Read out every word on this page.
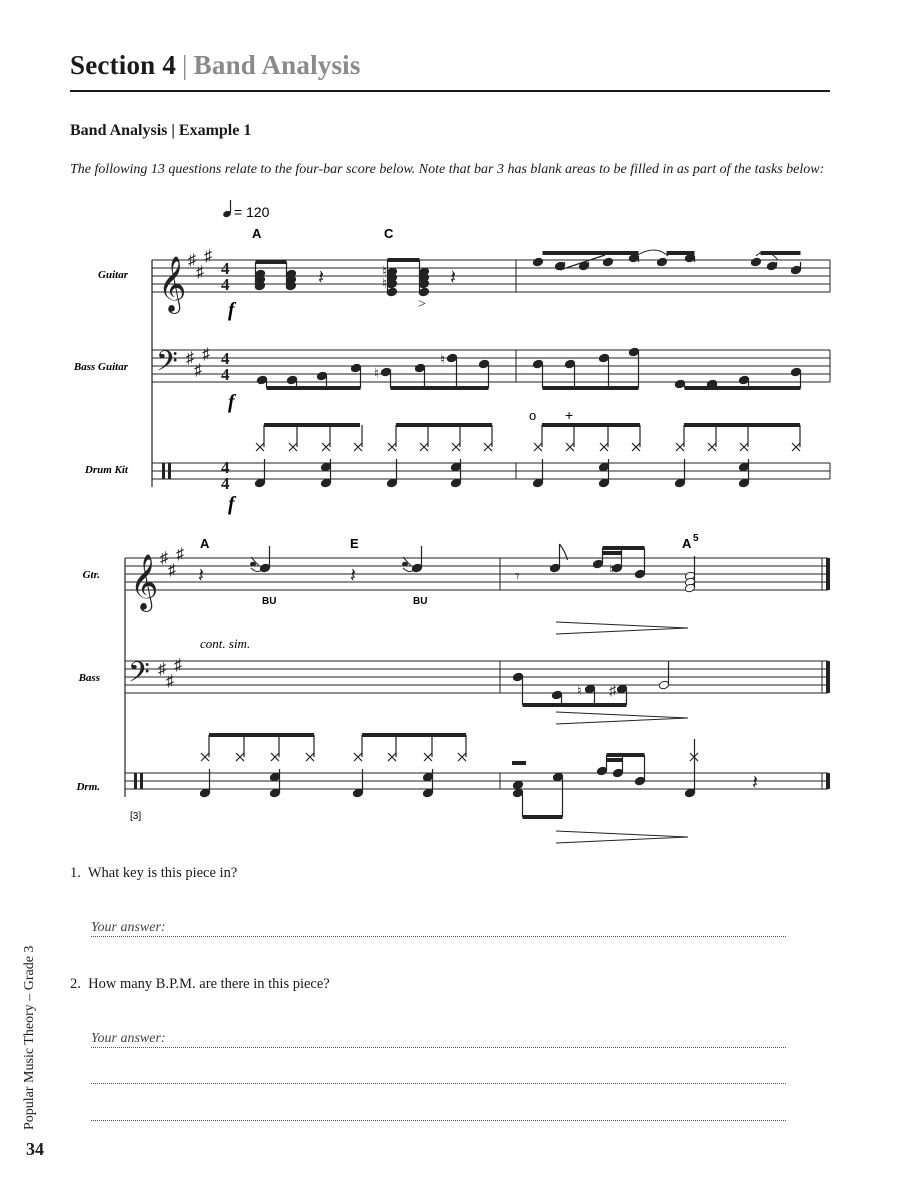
Section 4 | Band Analysis
Band Analysis | Example 1
The following 13 questions relate to the four-bar score below. Note that bar 3 has blank areas to be filled in as part of the tasks below:
𝄞
𝄢
♯
♯
♯
♯
♯
♯
4
4
4
4
4
4
𝄽	♮
♮
>
𝄽
♮
♮
𝄞
𝄢
♯
♯
♯
♯
♯
♯
𝄽	𝄽	𝄾	♮
♮ ♯
𝄽
= 120
Guitar
Bass Guitar
Drum Kit
A	C
f
f
f
o +
Gtr.
Bass
Drm.
A	E	A 5
BU	BU
cont. sim.
[3]
1. What key is this piece in?
Your answer:
2. How many B.P.M. are there in this piece?
Your answer:
Popular Music Theory – Grade 3
34
